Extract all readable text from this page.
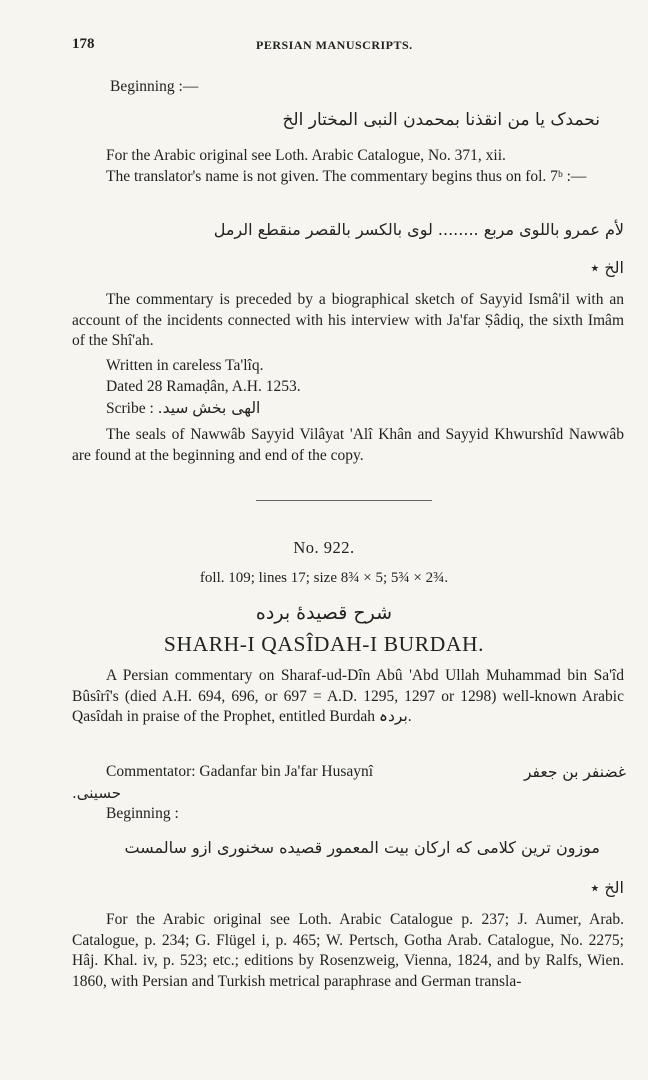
178	PERSIAN MANUSCRIPTS.
Beginning :—
نحمدک یا من انقذنا بمحمدن النبی المختار الخ
For the Arabic original see Loth. Arabic Catalogue, No. 371, xii.
The translator's name is not given. The commentary begins thus on fol. 7ᵇ :—
لأم عمرو باللوی مربع ........ لوی بالکسر بالقصر منقطع الرمل
الخ ٭
The commentary is preceded by a biographical sketch of Sayyid Ismâ'il with an account of the incidents connected with his interview with Ja'far Ṣâdiq, the sixth Imâm of the Shî'ah.
Written in careless Ta'lîq.
Dated 28 Ramaḍân, A.H. 1253.
Scribe : الهی بخش سید.
The seals of Nawwâb Sayyid Vilâyat 'Alî Khân and Sayyid Khwurshîd Nawwâb are found at the beginning and end of the copy.
No. 922.
foll. 109; lines 17; size 8¾ × 5; 5¾ × 2¾.
شرح قصیدهٔ برده
SHARH-I QASÎDAH-I BURDAH.
A Persian commentary on Sharaf-ud-Dîn Abû 'Abd Ullah Muhammad bin Sa'îd Bûsîrî's (died A.H. 694, 696, or 697 = A.D. 1295, 1297 or 1298) well-known Arabic Qasîdah in praise of the Prophet, entitled Burdah بردہ.
Commentator: Gadanfar bin Ja'far Husaynî	غضنفر بن جعفر
حسینی.
Beginning :
موزون ترین کلامی که ارکان بیت المعمور قصیده سخنوری ازو سالمست
الخ ٭
For the Arabic original see Loth. Arabic Catalogue p. 237; J. Aumer, Arab. Catalogue, p. 234; G. Flügel i, p. 465; W. Pertsch, Gotha Arab. Catalogue, No. 2275; Hâj. Khal. iv, p. 523; etc.; editions by Rosenzweig, Vienna, 1824, and by Ralfs, Wien. 1860, with Persian and Turkish metrical paraphrase and German transla-
